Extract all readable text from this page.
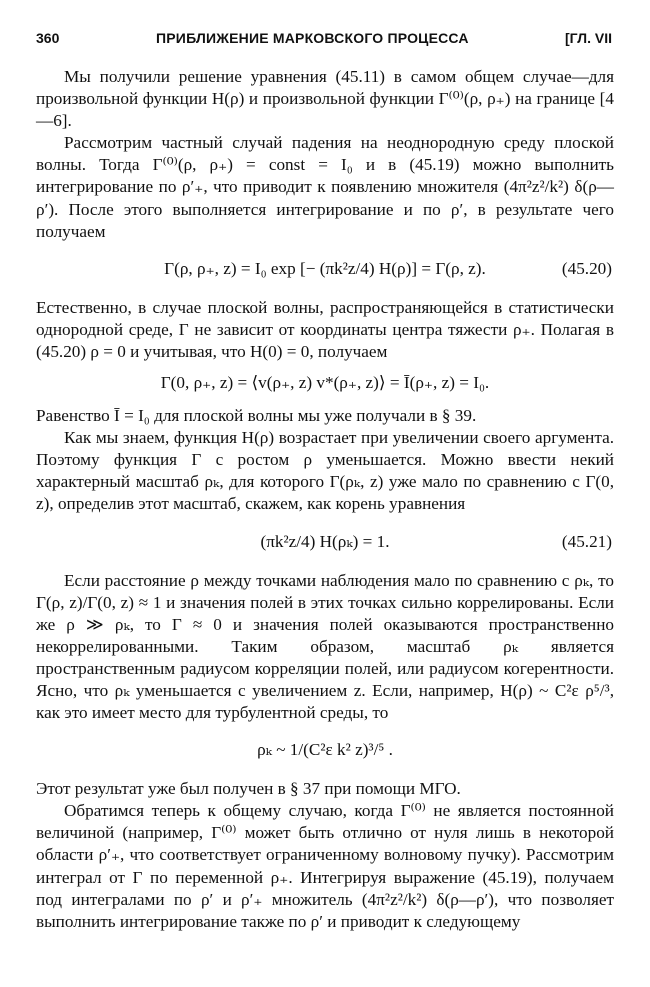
360	ПРИБЛИЖЕНИЕ МАРКОВСКОГО ПРОЦЕССА	[ГЛ. VII

Мы получили решение уравнения (45.11) в самом общем случае—для произвольной функции H(ρ) и произвольной функции Г⁽⁰⁾(ρ, ρ₊) на границе [4—6].

Рассмотрим частный случай падения на неоднородную среду плоской волны. Тогда Г⁽⁰⁾(ρ, ρ₊) = const = I₀ и в (45.19) можно выполнить интегрирование по ρ′₊, что приводит к появлению множителя (4π²z²/k²) δ(ρ—ρ′). После этого выполняется интегрирование и по ρ′, в результате чего получаем

Г(ρ, ρ₊, z) = I₀ exp [− (πk²z/4) H(ρ)] = Г(ρ, z).	(45.20)

Естественно, в случае плоской волны, распространяющейся в статистически однородной среде, Г не зависит от координаты центра тяжести ρ₊. Полагая в (45.20) ρ = 0 и учитывая, что H(0) = 0, получаем

Г(0, ρ₊, z) = ⟨v(ρ₊, z) v*(ρ₊, z)⟩ = Ī(ρ₊, z) = I₀.

Равенство Ī = I₀ для плоской волны мы уже получали в § 39.

Как мы знаем, функция H(ρ) возрастает при увеличении своего аргумента. Поэтому функция Г с ростом ρ уменьшается. Можно ввести некий характерный масштаб ρₖ, для которого Г(ρₖ, z) уже мало по сравнению с Г(0, z), определив этот масштаб, скажем, как корень уравнения

(πk²z/4) H(ρₖ) = 1.	(45.21)

Если расстояние ρ между точками наблюдения мало по сравнению с ρₖ, то Г(ρ, z)/Г(0, z) ≈ 1 и значения полей в этих точках сильно коррелированы. Если же ρ ≫ ρₖ, то Г ≈ 0 и значения полей оказываются пространственно некоррелированными. Таким образом, масштаб ρₖ является пространственным радиусом корреляции полей, или радиусом когерентности. Ясно, что ρₖ уменьшается с увеличением z. Если, например, H(ρ) ~ C²ε ρ⁵/³, как это имеет место для турбулентной среды, то

ρₖ ~ 1/(C²ε k² z)³/⁵ .

Этот результат уже был получен в § 37 при помощи МГО.

Обратимся теперь к общему случаю, когда Г⁽⁰⁾ не является постоянной величиной (например, Г⁽⁰⁾ может быть отлично от нуля лишь в некоторой области ρ′₊, что соответствует ограниченному волновому пучку). Рассмотрим интеграл от Г по переменной ρ₊. Интегрируя выражение (45.19), получаем под интегралами по ρ′ и ρ′₊ множитель (4π²z²/k²) δ(ρ—ρ′), что позволяет выполнить интегрирование также по ρ′ и приводит к следующему
